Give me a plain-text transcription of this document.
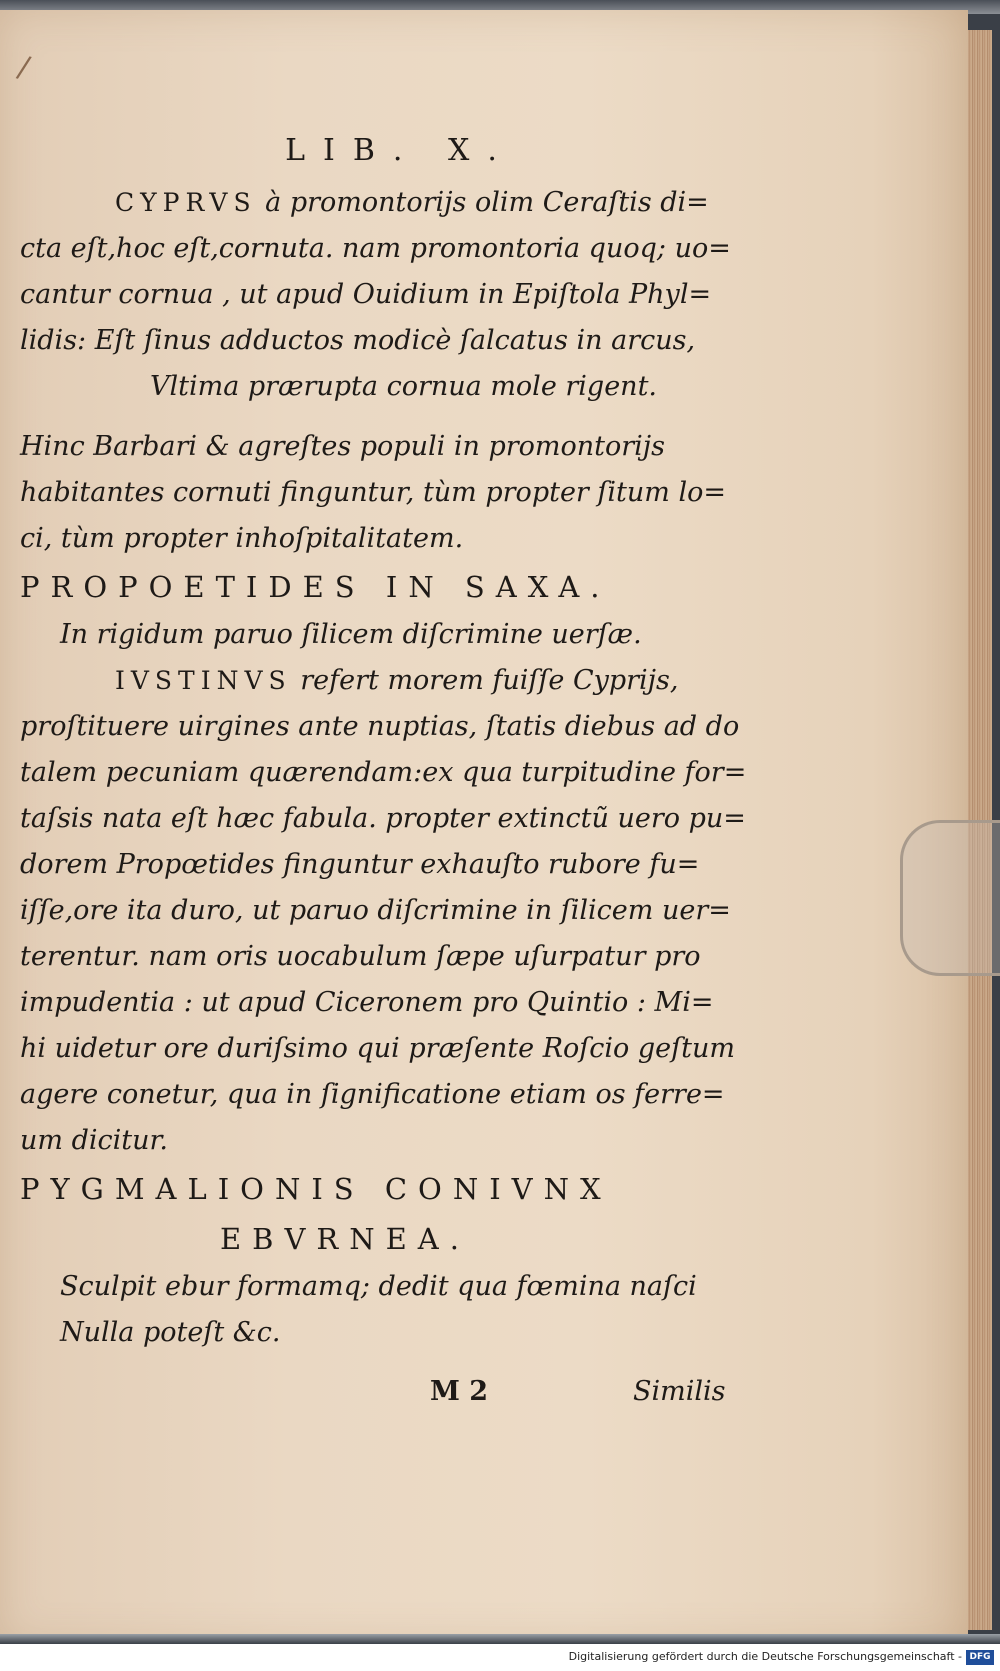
/
LIB. X.
CYPRVS à promontorijs olim Ceraſtis di=
cta eſt,hoc eſt,cornuta. nam promontoria quoq; uo=
cantur cornua , ut apud Ouidium in Epiſtola Phyl=
lidis: Eſt ſinus adductos modicè ſalcatus in arcus,
Vltima prærupta cornua mole rigent.
Hinc Barbari & agreſtes populi in promontorijs
habitantes cornuti finguntur, tùm propter ſitum lo=
ci, tùm propter inhoſpitalitatem.
PROPOETIDES IN SAXA.
In rigidum paruo ſilicem diſcrimine uerſæ.
IVSTINVS refert morem fuiſſe Cyprijs,
proſtituere uirgines ante nuptias, ſtatis diebus ad do
talem pecuniam quærendam:ex qua turpitudine for=
taſsis nata eſt hæc fabula. propter extinctũ uero pu=
dorem Propœtides finguntur exhauſto rubore fu=
iſſe,ore ita duro, ut paruo diſcrimine in ſilicem uer=
terentur. nam oris uocabulum ſæpe uſurpatur pro
impudentia : ut apud Ciceronem pro Quintio : Mi=
hi uidetur ore duriſsimo qui præſente Roſcio geſtum
agere conetur, qua in ſignificatione etiam os ferre=
um dicitur.
PYGMALIONIS CONIVNX
EBVRNEA.
Sculpit ebur formamq; dedit qua fœmina naſci
Nulla poteſt &c.
M 2	Similis
Digitalisierung gefördert durch die Deutsche Forschungsgemeinschaft - DFG
